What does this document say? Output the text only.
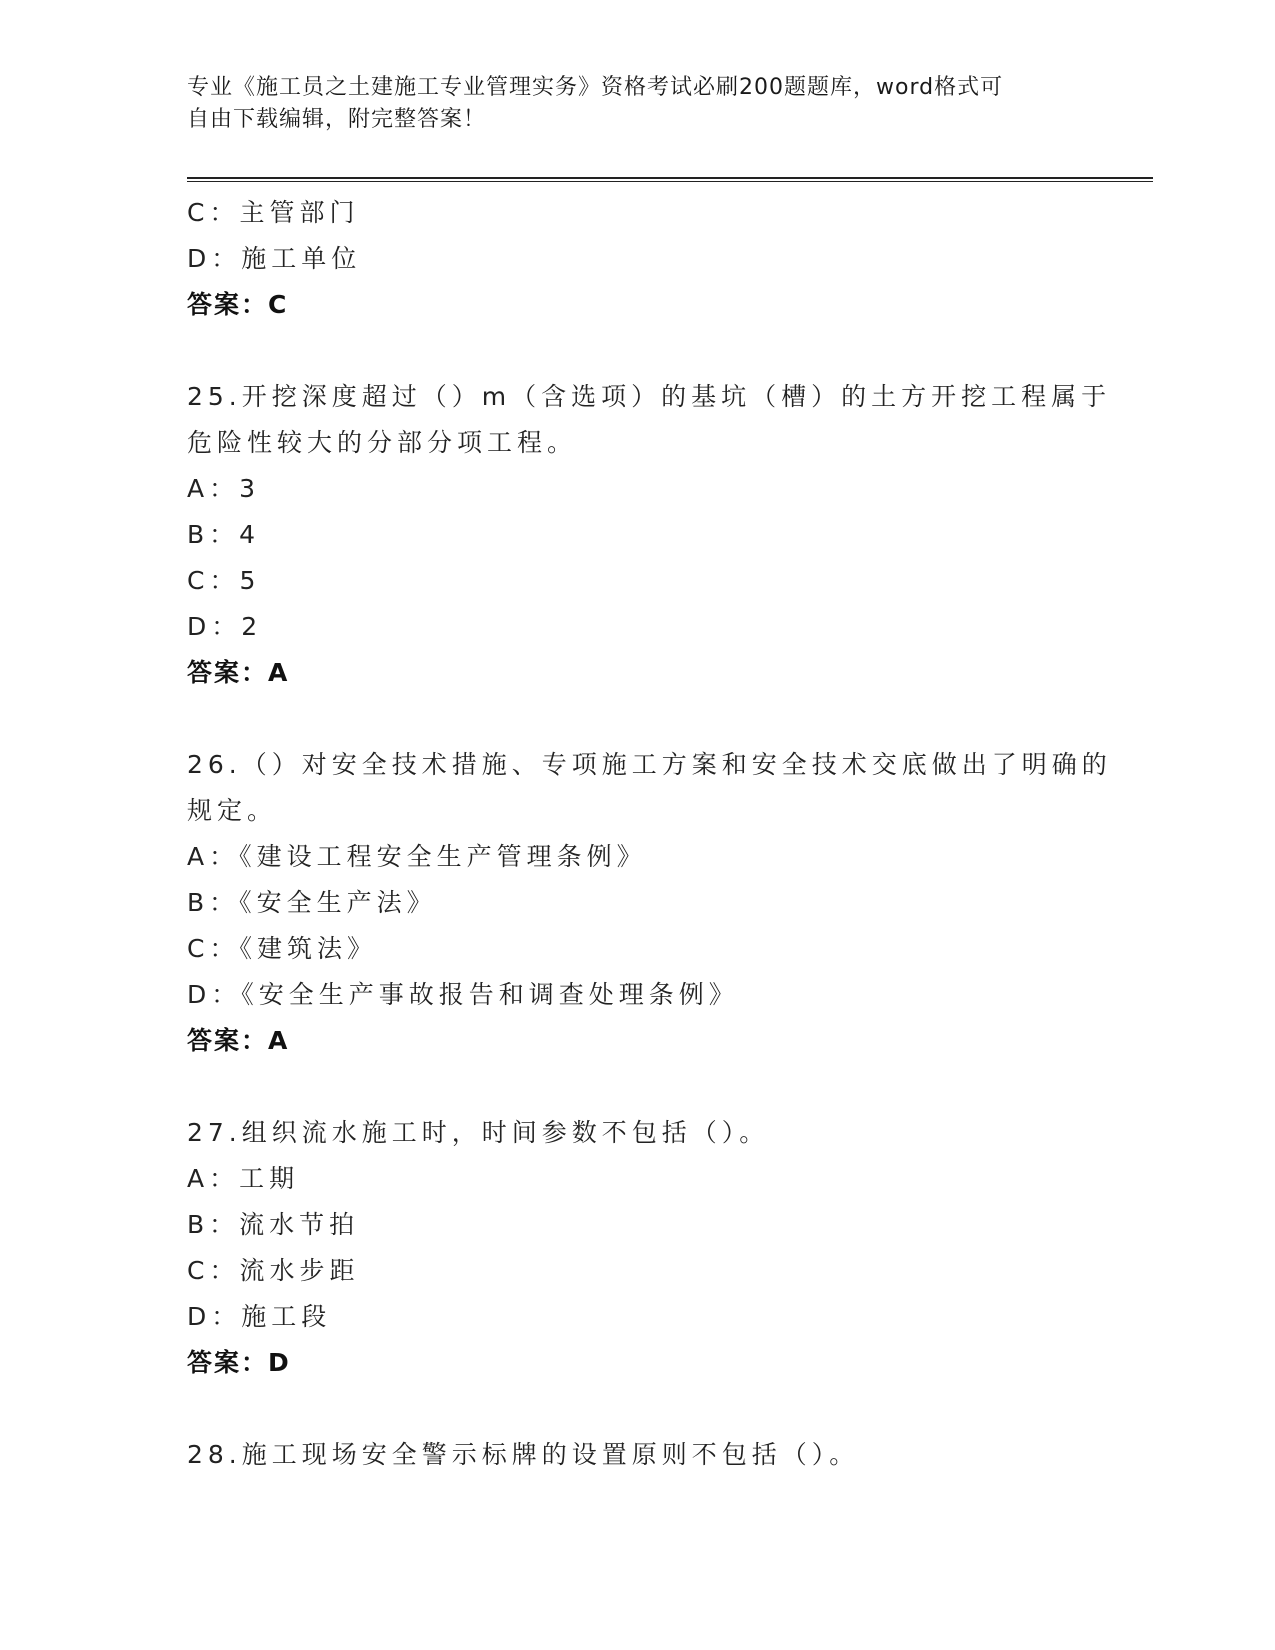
专业《施工员之土建施工专业管理实务》资格考试必刷200题题库，word格式可
自由下载编辑，附完整答案！
C：主管部门
D：施工单位
答案：C
25.开挖深度超过（）m（含选项）的基坑（槽）的土方开挖工程属于
危险性较大的分部分项工程。
A：3
B：4
C：5
D：2
答案：A
26.（）对安全技术措施、专项施工方案和安全技术交底做出了明确的
规定。
A：《建设工程安全生产管理条例》
B：《安全生产法》
C：《建筑法》
D：《安全生产事故报告和调查处理条例》
答案：A
27.组织流水施工时，时间参数不包括（）。
A：工期
B：流水节拍
C：流水步距
D：施工段
答案：D
28.施工现场安全警示标牌的设置原则不包括（）。
